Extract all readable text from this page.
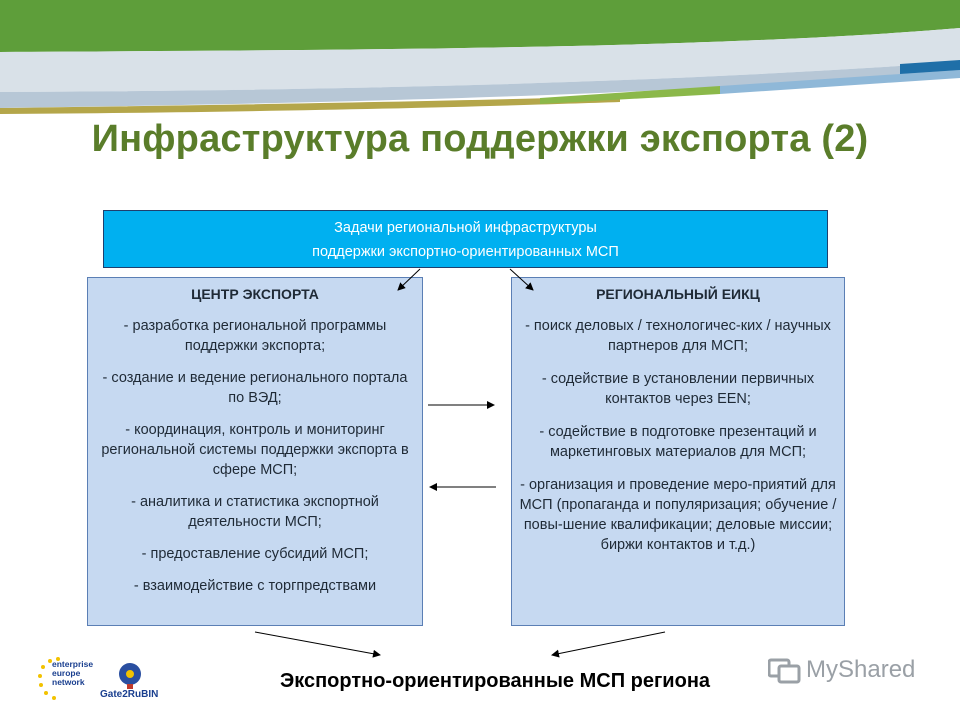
Инфраструктура поддержки экспорта (2)
Задачи региональной инфраструктуры
поддержки экспортно-ориентированных МСП
ЦЕНТР ЭКСПОРТА
- разработка региональной программы поддержки экспорта;
- создание и ведение регионального портала по ВЭД;
- координация, контроль и мониторинг региональной системы поддержки экспорта в сфере МСП;
- аналитика и статистика экспортной деятельности МСП;
- предоставление субсидий МСП;
- взаимодействие с торгпредствами
РЕГИОНАЛЬНЫЙ ЕИКЦ
- поиск деловых / технологичес-ких / научных партнеров для МСП;
- содействие в установлении первичных контактов через EEN;
- содействие в подготовке презентаций и маркетинговых материалов для МСП;
- организация и проведение меро-приятий для МСП (пропаганда и популяризация; обучение / повы-шение квалификации; деловые миссии; биржи контактов и т.д.)
Экспортно-ориентированные МСП региона
enterprise europe network
Gate2RuBIN
MyShared
